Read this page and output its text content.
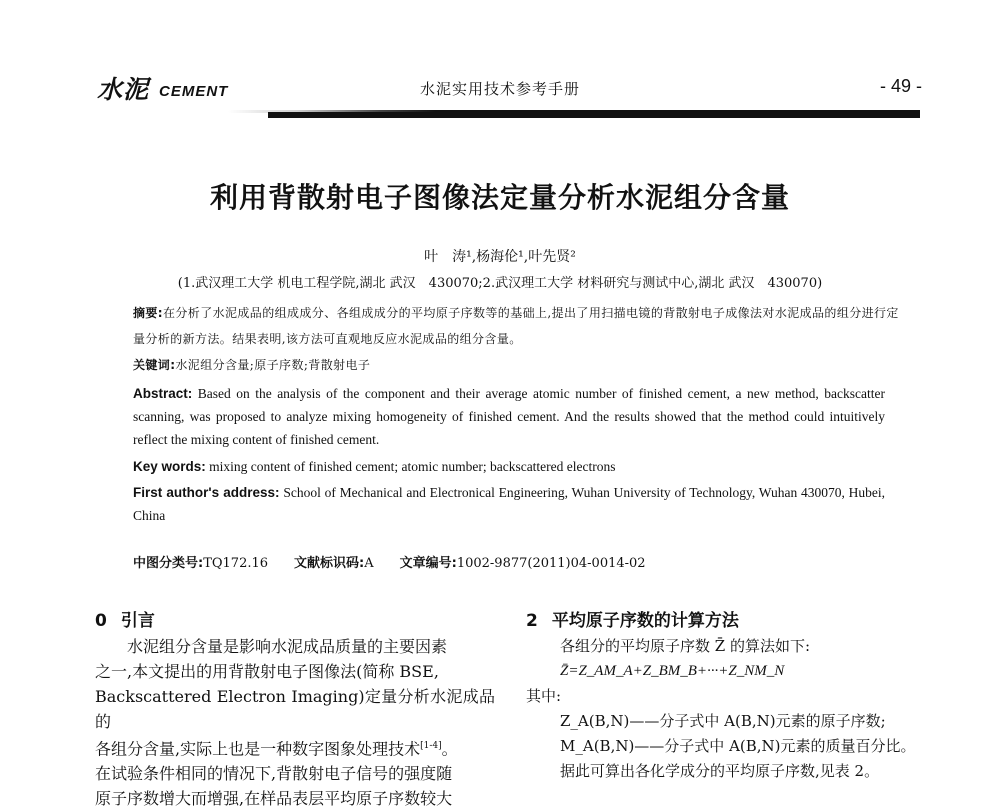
水泥 CEMENT	水泥实用技术参考手册	- 49 -
利用背散射电子图像法定量分析水泥组分含量
叶　涛¹,杨海伦¹,叶先贤²
(1.武汉理工大学 机电工程学院,湖北 武汉　430070;2.武汉理工大学 材料研究与测试中心,湖北 武汉　430070)
摘要:在分析了水泥成品的组成成分、各组成成分的平均原子序数等的基础上,提出了用扫描电镜的背散射电子成像法对水泥成品的组分进行定量分析的新方法。结果表明,该方法可直观地反应水泥成品的组分含量。
关键词:水泥组分含量;原子序数;背散射电子
Abstract: Based on the analysis of the component and their average atomic number of finished cement, a new method, backscatter scanning, was proposed to analyze mixing homogeneity of finished cement. And the results showed that the method could intuitively reflect the mixing content of finished cement.
Key words: mixing content of finished cement; atomic number; backscattered electrons
First author's address: School of Mechanical and Electronical Engineering, Wuhan University of Technology, Wuhan 430070, Hubei, China
中图分类号:TQ172.16 文献标识码:A 文章编号:1002-9877(2011)04-0014-02
0 引言
水泥组分含量是影响水泥成品质量的主要因素
之一,本文提出的用背散射电子图像法(简称 BSE,
Backscattered Electron Imaging)定量分析水泥成品的
各组分含量,实际上也是一种数字图象处理技术[1-4]。
在试验条件相同的情况下,背散射电子信号的强度随
原子序数增大而增强,在样品表层平均原子序数较大
2 平均原子序数的计算方法
各组分的平均原子序数 Z̄ 的算法如下:
Z̄=Z_AM_A+Z_BM_B+···+Z_NM_N
其中:
Z_A(B,N)——分子式中 A(B,N)元素的原子序数;
M_A(B,N)——分子式中 A(B,N)元素的质量百分比。
据此可算出各化学成分的平均原子序数,见表 2。
